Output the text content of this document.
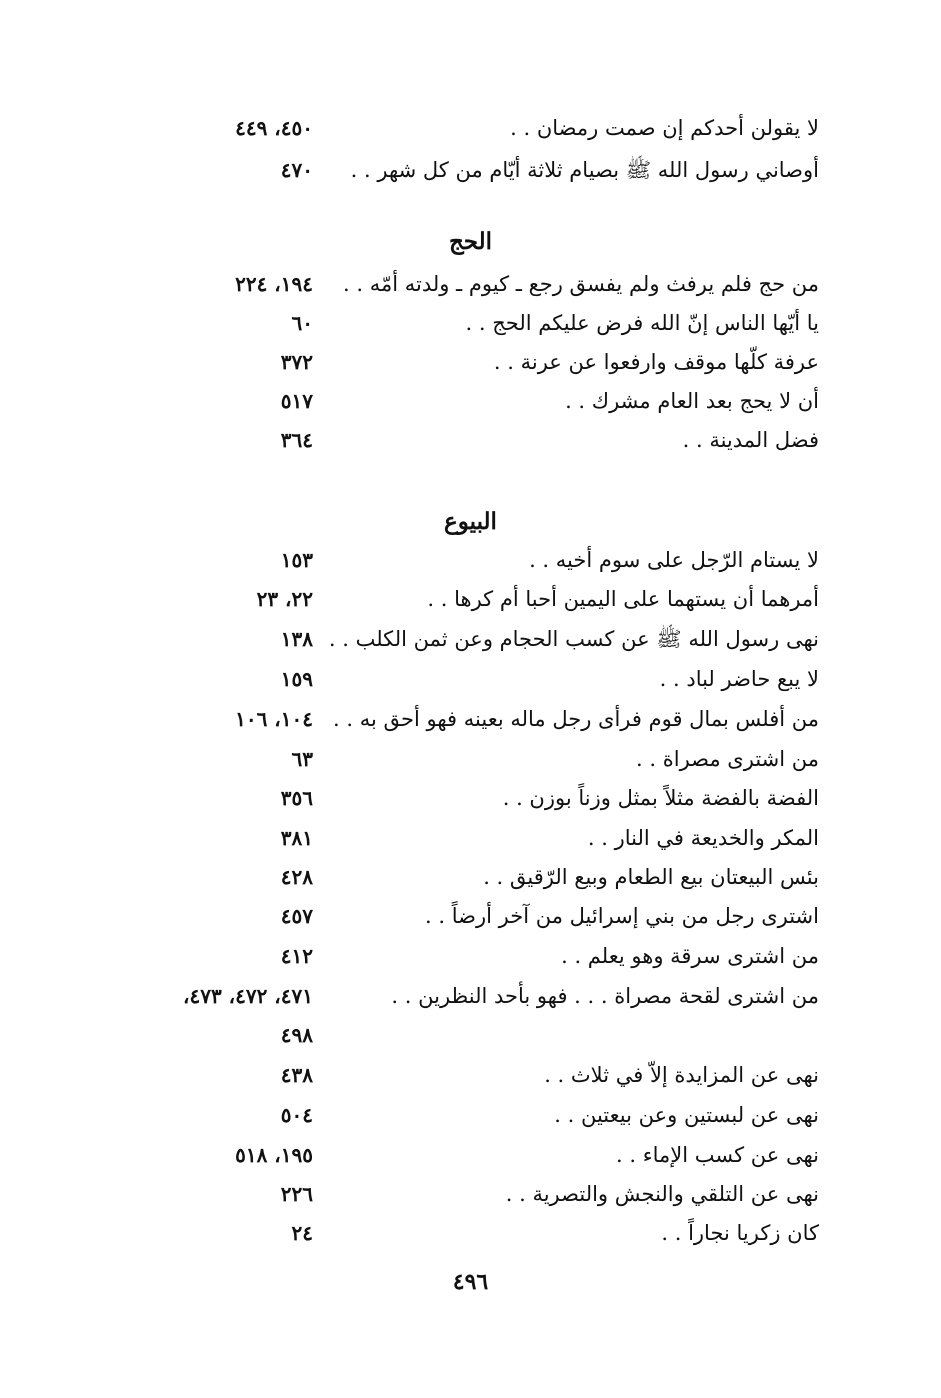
لا يقولن أحدكم إن صمت رمضان . .
٤٥٠، ٤٤٩
أوصاني رسول الله ﷺ بصيام ثلاثة أيّام من كل شهر . .
٤٧٠
الحج
من حج فلم يرفث ولم يفسق رجع ـ كيوم ـ ولدته أمّه . .
١٩٤، ٢٢٤
يا أيّها الناس إنّ الله فرض عليكم الحج . .
٦٠
عرفة كلّها موقف وارفعوا عن عرنة . .
٣٧٢
أن لا يحج بعد العام مشرك . .
٥١٧
فضل المدينة . .
٣٦٤
البيوع
لا يستام الرّجل على سوم أخيه . .
١٥٣
أمرهما أن يستهما على اليمين أحبا أم كرها . .
٢٢، ٢٣
نهى رسول الله ﷺ عن كسب الحجام وعن ثمن الكلب . .
١٣٨
لا يبع حاضر لباد . .
١٥٩
من أفلس بمال قوم فرأى رجل ماله بعينه فهو أحق به . .
١٠٤، ١٠٦
من اشترى مصراة . .
٦٣
الفضة بالفضة مثلاً بمثل وزناً بوزن . .
٣٥٦
المكر والخديعة في النار . .
٣٨١
بئس البيعتان بيع الطعام وبيع الرّقيق . .
٤٢٨
اشترى رجل من بني إسرائيل من آخر أرضاً . .
٤٥٧
من اشترى سرقة وهو يعلم . .
٤١٢
من اشترى لقحة مصراة . . . فهو بأحد النظرين . .
٤٧١، ٤٧٢، ٤٧٣،
٤٩٨
نهى عن المزايدة إلاّ في ثلاث . .
٤٣٨
نهى عن لبستين وعن بيعتين . .
٥٠٤
نهى عن كسب الإماء . .
١٩٥، ٥١٨
نهى عن التلقي والنجش والتصرية . .
٢٢٦
كان زكريا نجاراً . .
٢٤
٤٩٦
